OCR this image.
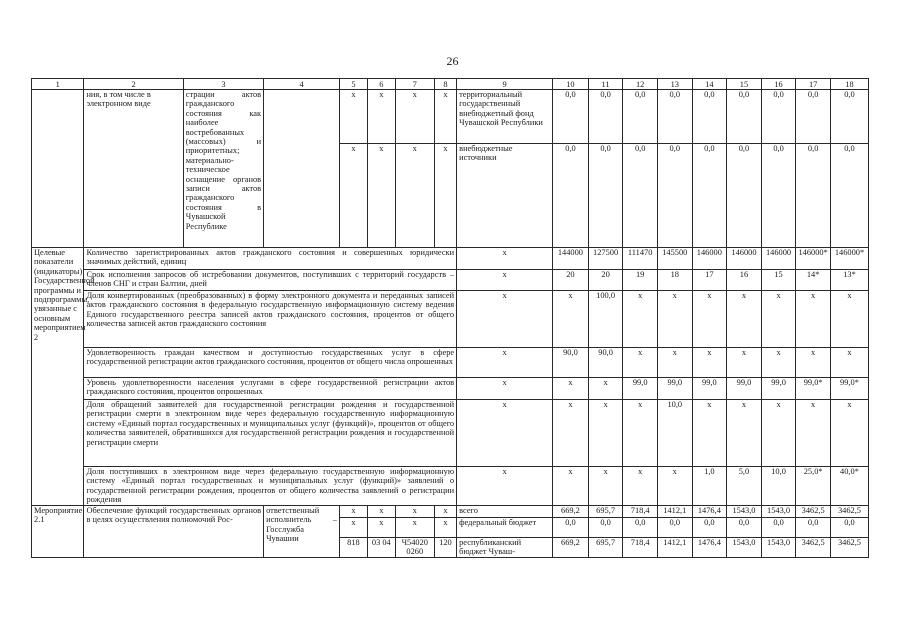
26
1	2	3	4	5	6	7	8	9	10	11	12	13	14	15	16	17	18
	ния, в том числе в электронном виде	страции актов гражданского состояния как наиболее востребованных (массовых) и приоритетных; материально-техническое оснащение органов записи актов гражданского состояния в Чувашской Республике		x	x	x	x	территориальный государственный внебюджетный фонд Чувашской Республики	0,0	0,0	0,0	0,0	0,0	0,0	0,0	0,0	0,0
				x	x	x	x	внебюджетные источники	0,0	0,0	0,0	0,0	0,0	0,0	0,0	0,0	0,0
Целевые показатели (индикаторы) Государственной программы и подпрограммы, увязанные с основным мероприятием 2	Количество зарегистрированных актов гражданского состояния и совершенных юридически значимых действий, единиц							x	144000	127500	111470	145500	146000	146000	146000	146000*	146000*
	Срок исполнения запросов об истребовании документов, поступивших с территорий государств – членов СНГ и стран Балтии, дней							x	20	20	19	18	17	16	15	14*	13*
	Доля конвертированных (преобразованных) в форму электронного документа и переданных записей актов гражданского состояния в федеральную государственную информационную систему ведения Единого государственного реестра записей актов гражданского состояния, процентов от общего количества записей актов гражданского состояния							x	x	100,0	x	x	x	x	x	x	x
	Удовлетворенность граждан качеством и доступностью государственных услуг в сфере государственной регистрации актов гражданского состояния, процентов от общего числа опрошенных							x	90,0	90,0	x	x	x	x	x	x	x
	Уровень удовлетворенности населения услугами в сфере государственной регистрации актов гражданского состояния, процентов опрошенных							x	x	x	99,0	99,0	99,0	99,0	99,0	99,0*	99,0*
	Доля обращений заявителей для государственной регистрации рождения и государственной регистрации смерти в электронном виде через федеральную государственную информационную систему «Единый портал государственных и муниципальных услуг (функций)», процентов от общего количества заявителей, обратившихся для государственной регистрации рождения и государственной регистрации смерти							x	x	x	x	10,0	x	x	x	x	x
	Доля поступивших в электронном виде через федеральную государственную информационную систему «Единый портал государственных и муниципальных услуг (функций)» заявлений о государственной регистрации рождения, процентов от общего количества заявлений о регистрации рождения							x	x	x	x	x	1,0	5,0	10,0	25,0*	40,0*
Мероприятие 2.1	Обеспечение функций государственных органов в целях осуществления полномочий Рос-		ответственный исполнитель – Госслужба Чувашии	x	x	x	x	всего	669,2	695,7	718,4	1412,1	1476,4	1543,0	1543,0	3462,5	3462,5
				x	x	x	x	федеральный бюджет	0,0	0,0	0,0	0,0	0,0	0,0	0,0	0,0	0,0
				818	03 04	Ч54020 0260	120	республиканский бюджет Чуваш-	669,2	695,7	718,4	1412,1	1476,4	1543,0	1543,0	3462,5	3462,5
